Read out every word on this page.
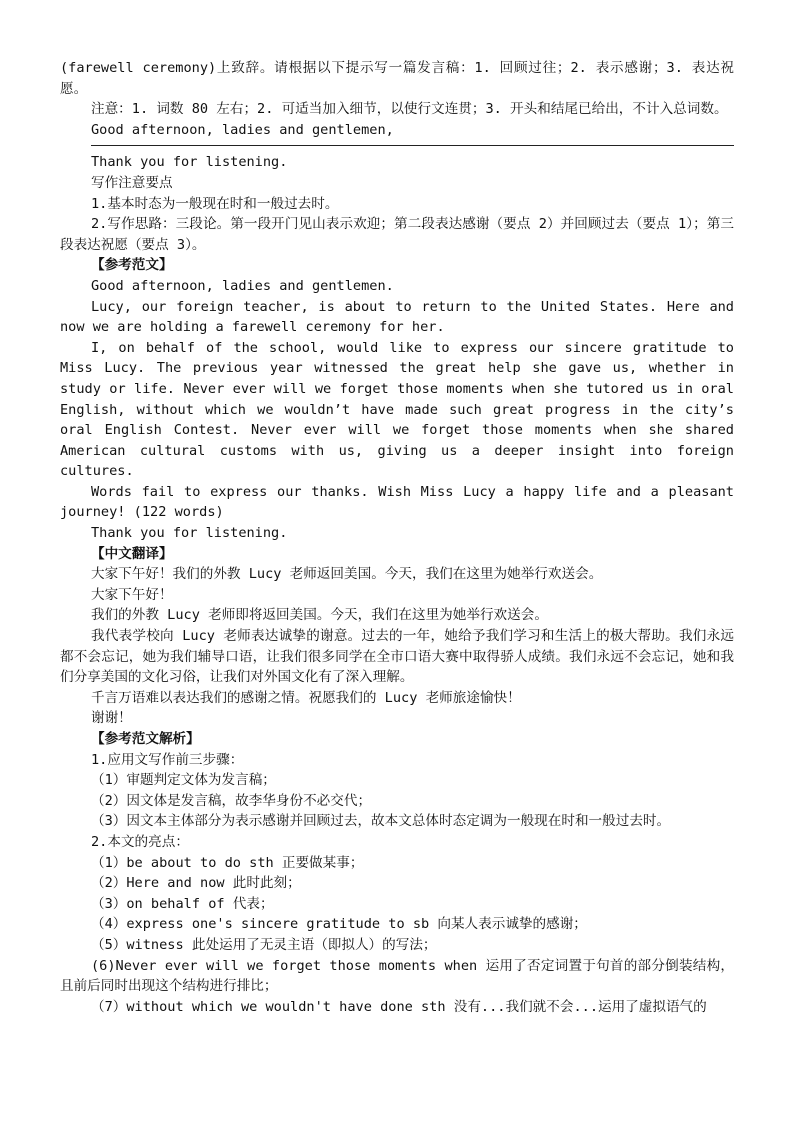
(farewell ceremony)上致辞。请根据以下提示写一篇发言稿：1. 回顾过往；2. 表示感谢；3. 表达祝愿。

注意：1. 词数 80 左右；2. 可适当加入细节，以使行文连贯；3. 开头和结尾已给出，不计入总词数。

Good afternoon, ladies and gentlemen,

Thank you for listening.

写作注意要点

1.基本时态为一般现在时和一般过去时。

2.写作思路：三段论。第一段开门见山表示欢迎；第二段表达感谢（要点 2）并回顾过去（要点 1）；第三段表达祝愿（要点 3）。

【参考范文】

Good afternoon, ladies and gentlemen.

Lucy, our foreign teacher, is about to return to the United States. Here and now we are holding a farewell ceremony for her.

I, on behalf of the school, would like to express our sincere gratitude to Miss Lucy. The previous year witnessed the great help she gave us, whether in study or life. Never ever will we forget those moments when she tutored us in oral English, without which we wouldn’t have made such great progress in the city’s oral English Contest. Never ever will we forget those moments when she shared American cultural customs with us, giving us a deeper insight into foreign cultures.

Words fail to express our thanks. Wish Miss Lucy a happy life and a pleasant journey! (122 words)

Thank you for listening.

【中文翻译】

大家下午好！我们的外教 Lucy 老师返回美国。今天，我们在这里为她举行欢送会。

大家下午好！

我们的外教 Lucy 老师即将返回美国。今天，我们在这里为她举行欢送会。

我代表学校向 Lucy 老师表达诚挚的谢意。过去的一年，她给予我们学习和生活上的极大帮助。我们永远都不会忘记，她为我们辅导口语，让我们很多同学在全市口语大赛中取得骄人成绩。我们永远不会忘记，她和我们分享美国的文化习俗，让我们对外国文化有了深入理解。

千言万语难以表达我们的感谢之情。祝愿我们的 Lucy 老师旅途愉快！

谢谢！

【参考范文解析】

1.应用文写作前三步骤：

（1）审题判定文体为发言稿；

（2）因文体是发言稿，故李华身份不必交代；

（3）因文本主体部分为表示感谢并回顾过去，故本文总体时态定调为一般现在时和一般过去时。

2.本文的亮点：

（1）be about to do sth 正要做某事；

（2）Here and now 此时此刻；

（3）on behalf of 代表；

（4）express one's sincere gratitude to sb 向某人表示诚挚的感谢；

（5）witness 此处运用了无灵主语（即拟人）的写法；

(6)Never ever will we forget those moments when 运用了否定词置于句首的部分倒装结构，且前后同时出现这个结构进行排比；

（7）without which we wouldn't have done sth 没有...我们就不会...运用了虚拟语气的
